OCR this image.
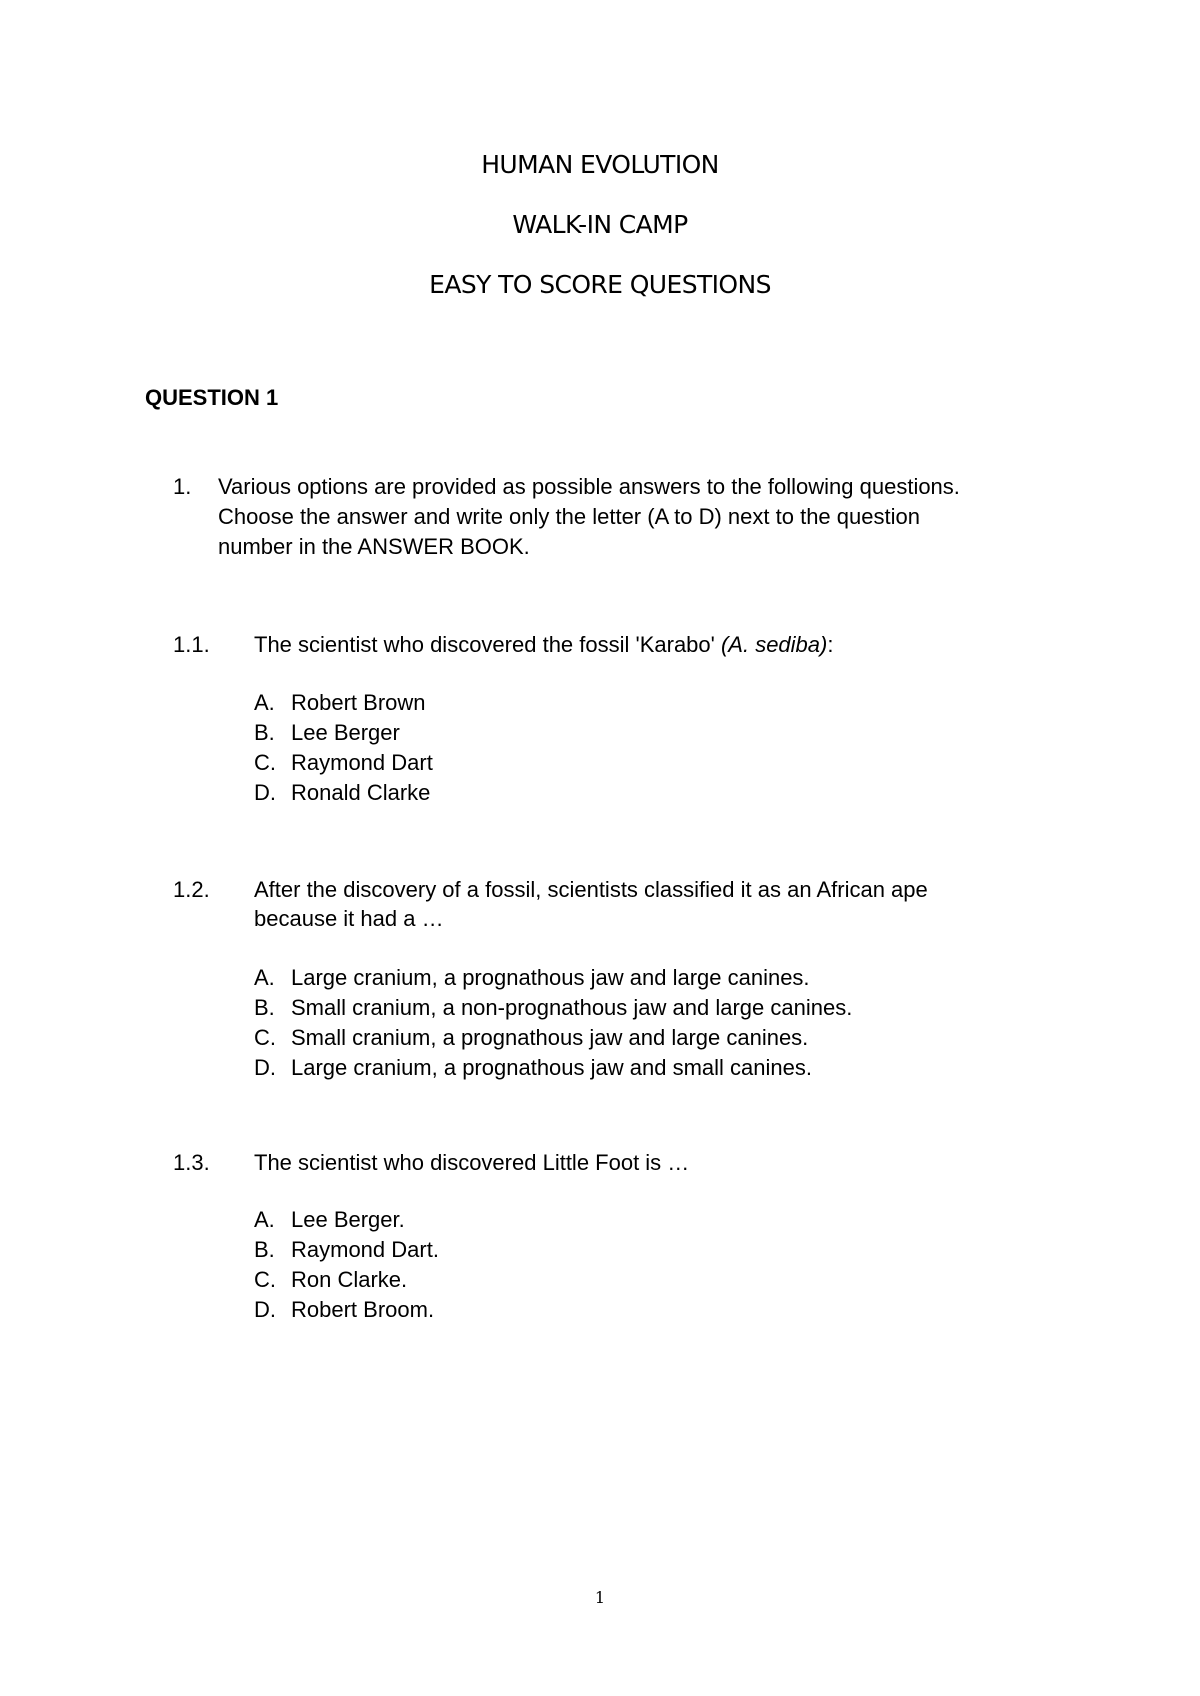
HUMAN EVOLUTION
WALK-IN CAMP
EASY TO SCORE QUESTIONS
QUESTION 1
1. Various options are provided as possible answers to the following questions.
Choose the answer and write only the letter (A to D) next to the question
number in the ANSWER BOOK.
1.1. The scientist who discovered the fossil 'Karabo' (A. sediba):
A. Robert Brown
B. Lee Berger
C. Raymond Dart
D. Ronald Clarke
1.2. After the discovery of a fossil, scientists classified it as an African ape
because it had a …
A. Large cranium, a prognathous jaw and large canines.
B. Small cranium, a non-prognathous jaw and large canines.
C. Small cranium, a prognathous jaw and large canines.
D. Large cranium, a prognathous jaw and small canines.
1.3. The scientist who discovered Little Foot is …
A. Lee Berger.
B. Raymond Dart.
C. Ron Clarke.
D. Robert Broom.
1
